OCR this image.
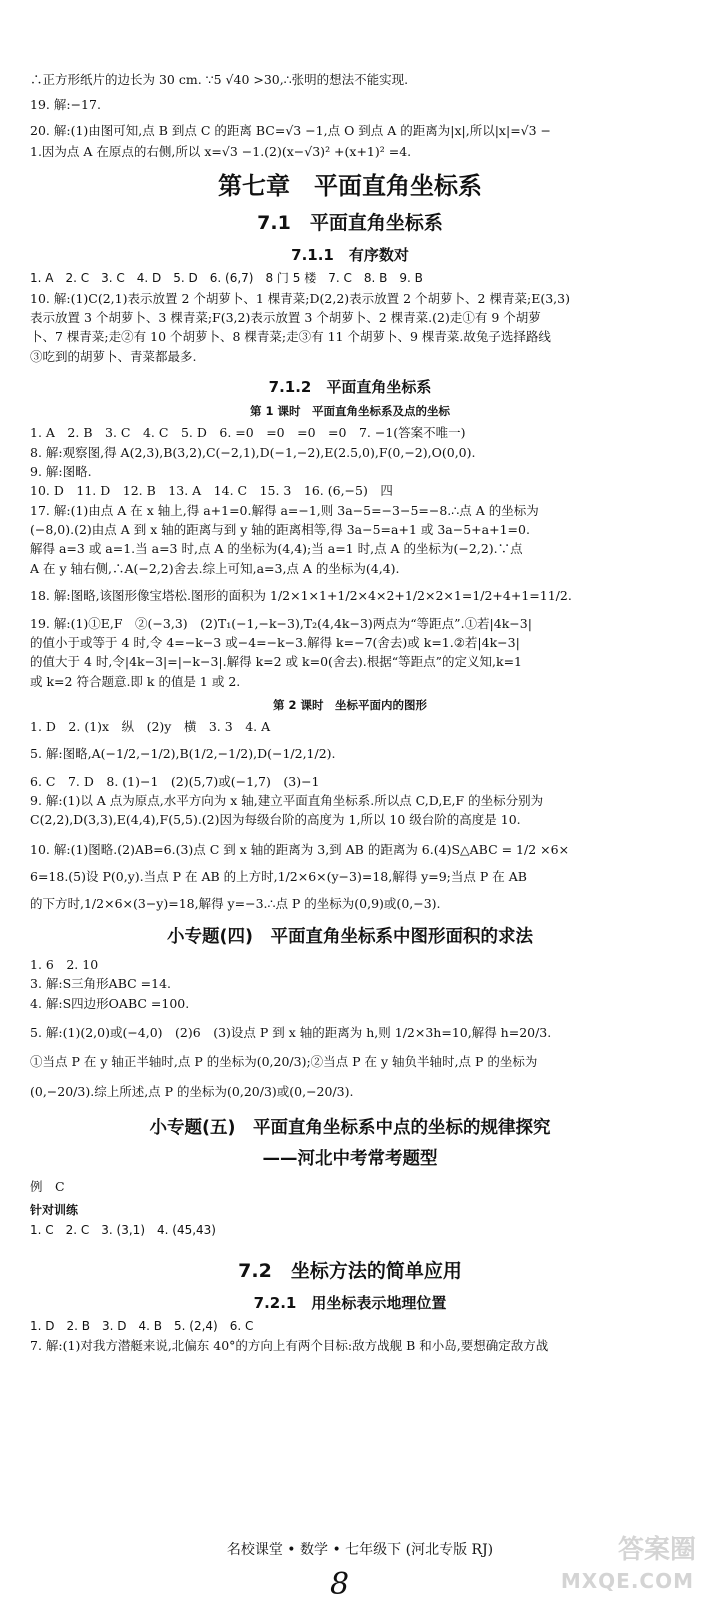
∴正方形纸片的边长为 30 cm. ∵5 √40 >30,∴张明的想法不能实现.
19. 解:−17.
20. 解:(1)由图可知,点 B 到点 C 的距离 BC=√3 −1,点 O 到点 A 的距离为|x|,所以|x|=√3 −
1.因为点 A 在原点的右侧,所以 x=√3 −1.(2)(x−√3)² +(x+1)² =4.
第七章　平面直角坐标系
7.1　平面直角坐标系
7.1.1　有序数对
1. A　2. C　3. C　4. D　5. D　6. (6,7)　8 门 5 楼　7. C　8. B　9. B
10. 解:(1)C(2,1)表示放置 2 个胡萝卜、1 棵青菜;D(2,2)表示放置 2 个胡萝卜、2 棵青菜;E(3,3)
表示放置 3 个胡萝卜、3 棵青菜;F(3,2)表示放置 3 个胡萝卜、2 棵青菜.(2)走①有 9 个胡萝
卜、7 棵青菜;走②有 10 个胡萝卜、8 棵青菜;走③有 11 个胡萝卜、9 棵青菜.故兔子选择路线
③吃到的胡萝卜、青菜都最多.
7.1.2　平面直角坐标系
第 1 课时　平面直角坐标系及点的坐标
1. A　2. B　3. C　4. C　5. D　6. =0　=0　=0　=0　7. −1(答案不唯一)
8. 解:观察图,得 A(2,3),B(3,2),C(−2,1),D(−1,−2),E(2.5,0),F(0,−2),O(0,0).
9. 解:图略.
10. D　11. D　12. B　13. A　14. C　15. 3　16. (6,−5)　四
17. 解:(1)由点 A 在 x 轴上,得 a+1=0.解得 a=−1,则 3a−5=−3−5=−8.∴点 A 的坐标为
(−8,0).(2)由点 A 到 x 轴的距离与到 y 轴的距离相等,得 3a−5=a+1 或 3a−5+a+1=0.
解得 a=3 或 a=1.当 a=3 时,点 A 的坐标为(4,4);当 a=1 时,点 A 的坐标为(−2,2).∵点
A 在 y 轴右侧,∴A(−2,2)舍去.综上可知,a=3,点 A 的坐标为(4,4).
18. 解:图略,该图形像宝塔松.图形的面积为 1/2×1×1+1/2×4×2+1/2×2×1=1/2+4+1=11/2.
19. 解:(1)①E,F　②(−3,3)　(2)T₁(−1,−k−3),T₂(4,4k−3)两点为“等距点”.①若|4k−3|
的值小于或等于 4 时,令 4=−k−3 或−4=−k−3.解得 k=−7(舍去)或 k=1.②若|4k−3|
的值大于 4 时,令|4k−3|=|−k−3|.解得 k=2 或 k=0(舍去).根据“等距点”的定义知,k=1
或 k=2 符合题意.即 k 的值是 1 或 2.
第 2 课时　坐标平面内的图形
1. D　2. (1)x　纵　(2)y　横　3. 3　4. A
5. 解:图略,A(−1/2,−1/2),B(1/2,−1/2),D(−1/2,1/2).
6. C　7. D　8. (1)−1　(2)(5,7)或(−1,7)　(3)−1
9. 解:(1)以 A 点为原点,水平方向为 x 轴,建立平面直角坐标系.所以点 C,D,E,F 的坐标分别为
C(2,2),D(3,3),E(4,4),F(5,5).(2)因为每级台阶的高度为 1,所以 10 级台阶的高度是 10.
10. 解:(1)图略.(2)AB=6.(3)点 C 到 x 轴的距离为 3,到 AB 的距离为 6.(4)S△ABC = 1/2 ×6×
6=18.(5)设 P(0,y).当点 P 在 AB 的上方时,1/2×6×(y−3)=18,解得 y=9;当点 P 在 AB
的下方时,1/2×6×(3−y)=18,解得 y=−3.∴点 P 的坐标为(0,9)或(0,−3).
小专题(四)　平面直角坐标系中图形面积的求法
1. 6　2. 10
3. 解:S三角形ABC =14.
4. 解:S四边形OABC =100.
5. 解:(1)(2,0)或(−4,0)　(2)6　(3)设点 P 到 x 轴的距离为 h,则 1/2×3h=10,解得 h=20/3.
①当点 P 在 y 轴正半轴时,点 P 的坐标为(0,20/3);②当点 P 在 y 轴负半轴时,点 P 的坐标为
(0,−20/3).综上所述,点 P 的坐标为(0,20/3)或(0,−20/3).
小专题(五)　平面直角坐标系中点的坐标的规律探究
——河北中考常考题型
例　C
针对训练
1. C　2. C　3. (3,1)　4. (45,43)
7.2　坐标方法的简单应用
7.2.1　用坐标表示地理位置
1. D　2. B　3. D　4. B　5. (2,4)　6. C
7. 解:(1)对我方潜艇来说,北偏东 40°的方向上有两个目标:敌方战舰 B 和小岛,要想确定敌方战
名校课堂 • 数学 • 七年级下 (河北专版 RJ)
8
答案圈
MXQE.COM
